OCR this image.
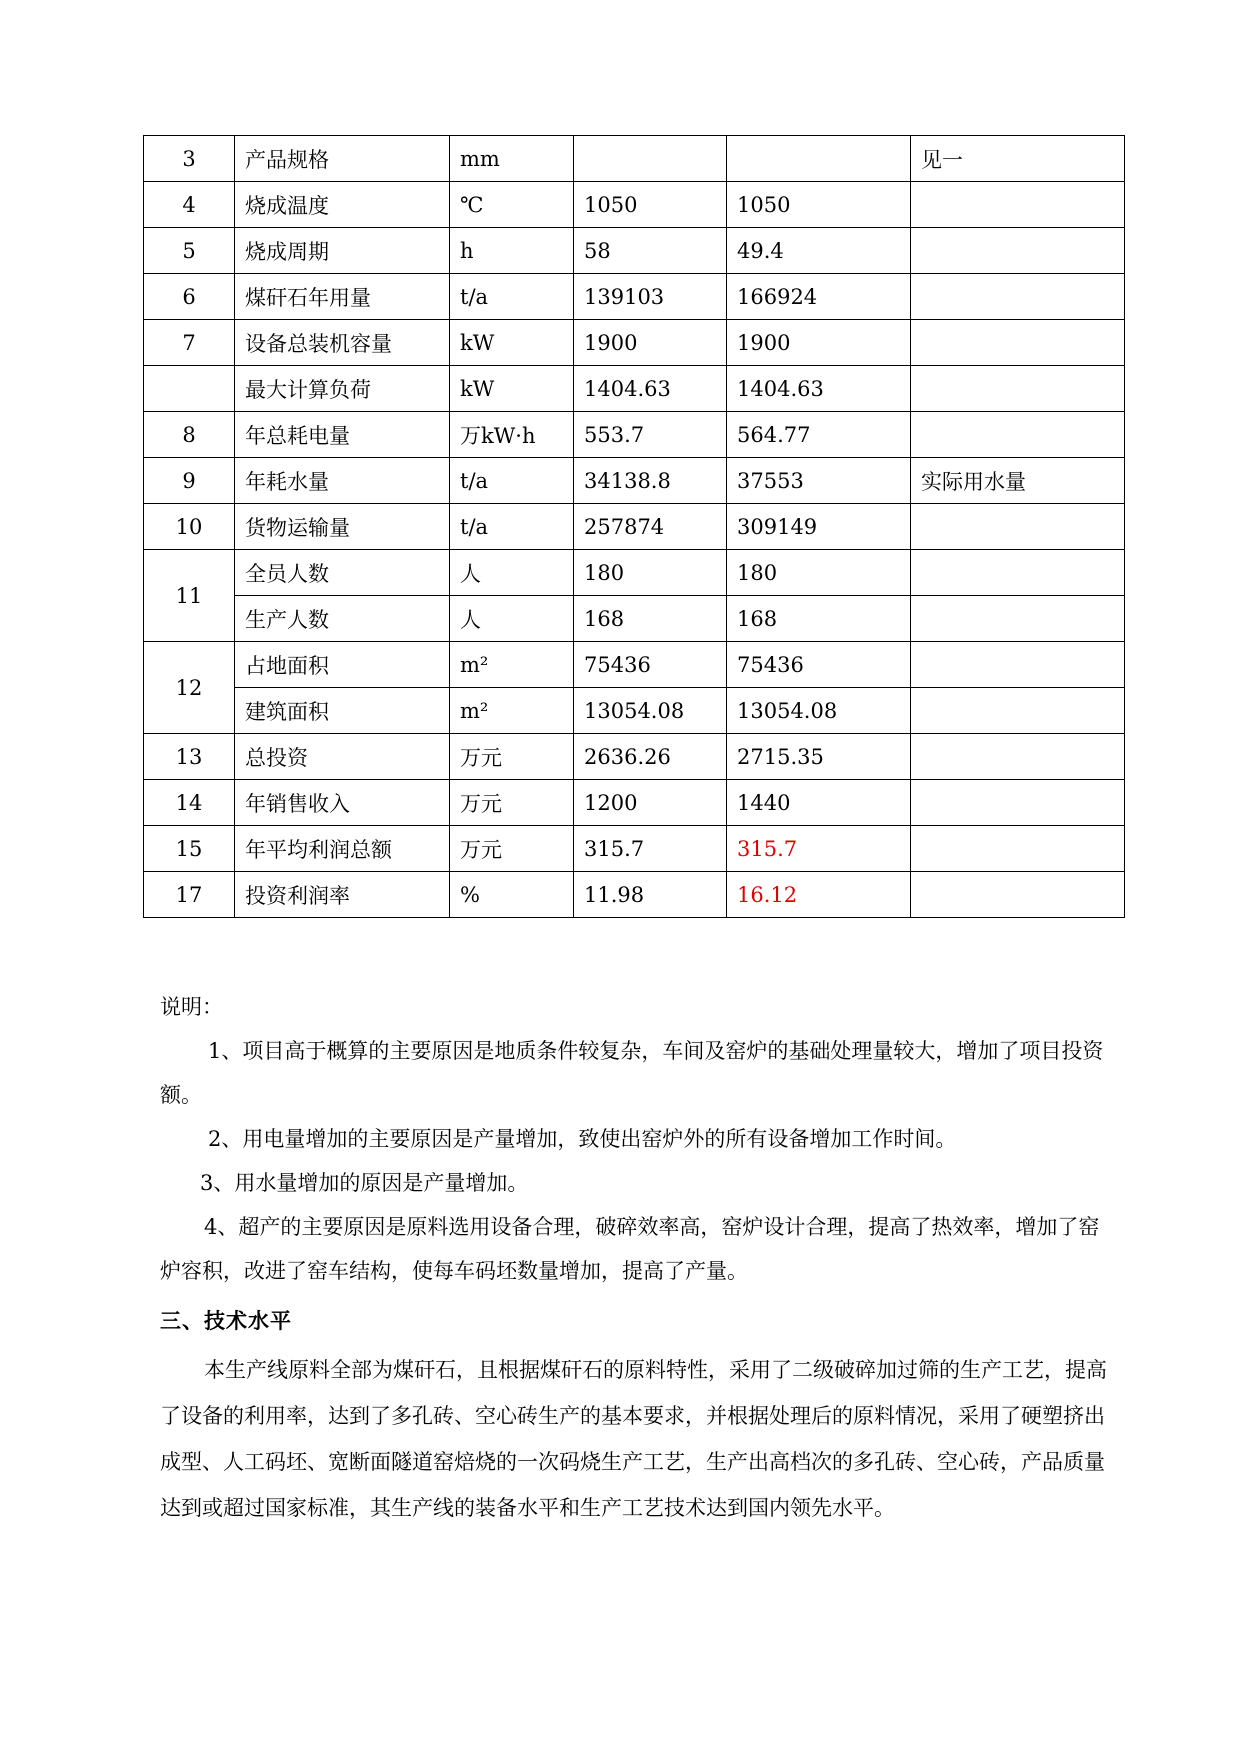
3	产品规格	mm			见一
4	烧成温度	℃	1050	1050	
5	烧成周期	h	58	49.4	
6	煤矸石年用量	t/a	139103	166924	
7	设备总装机容量	kW	1900	1900	
	最大计算负荷	kW	1404.63	1404.63	
8	年总耗电量	万kW·h	553.7	564.77	
9	年耗水量	t/a	34138.8	37553	实际用水量
10	货物运输量	t/a	257874	309149	
11	全员人数	人	180	180	
	生产人数	人	168	168	
12	占地面积	m²	75436	75436	
	建筑面积	m²	13054.08	13054.08	
13	总投资	万元	2636.26	2715.35	
14	年销售收入	万元	1200	1440	
15	年平均利润总额	万元	315.7	315.7	
17	投资利润率	%	11.98	16.12	

说明：

1、项目高于概算的主要原因是地质条件较复杂，车间及窑炉的基础处理量较大，增加了项目投资额。

2、用电量增加的主要原因是产量增加，致使出窑炉外的所有设备增加工作时间。

3、用水量增加的原因是产量增加。

4、超产的主要原因是原料选用设备合理，破碎效率高，窑炉设计合理，提高了热效率，增加了窑炉容积，改进了窑车结构，使每车码坯数量增加，提高了产量。

三、技术水平

本生产线原料全部为煤矸石，且根据煤矸石的原料特性，采用了二级破碎加过筛的生产工艺，提高了设备的利用率，达到了多孔砖、空心砖生产的基本要求，并根据处理后的原料情况，采用了硬塑挤出成型、人工码坯、宽断面隧道窑焙烧的一次码烧生产工艺，生产出高档次的多孔砖、空心砖，产品质量达到或超过国家标准，其生产线的装备水平和生产工艺技术达到国内领先水平。
